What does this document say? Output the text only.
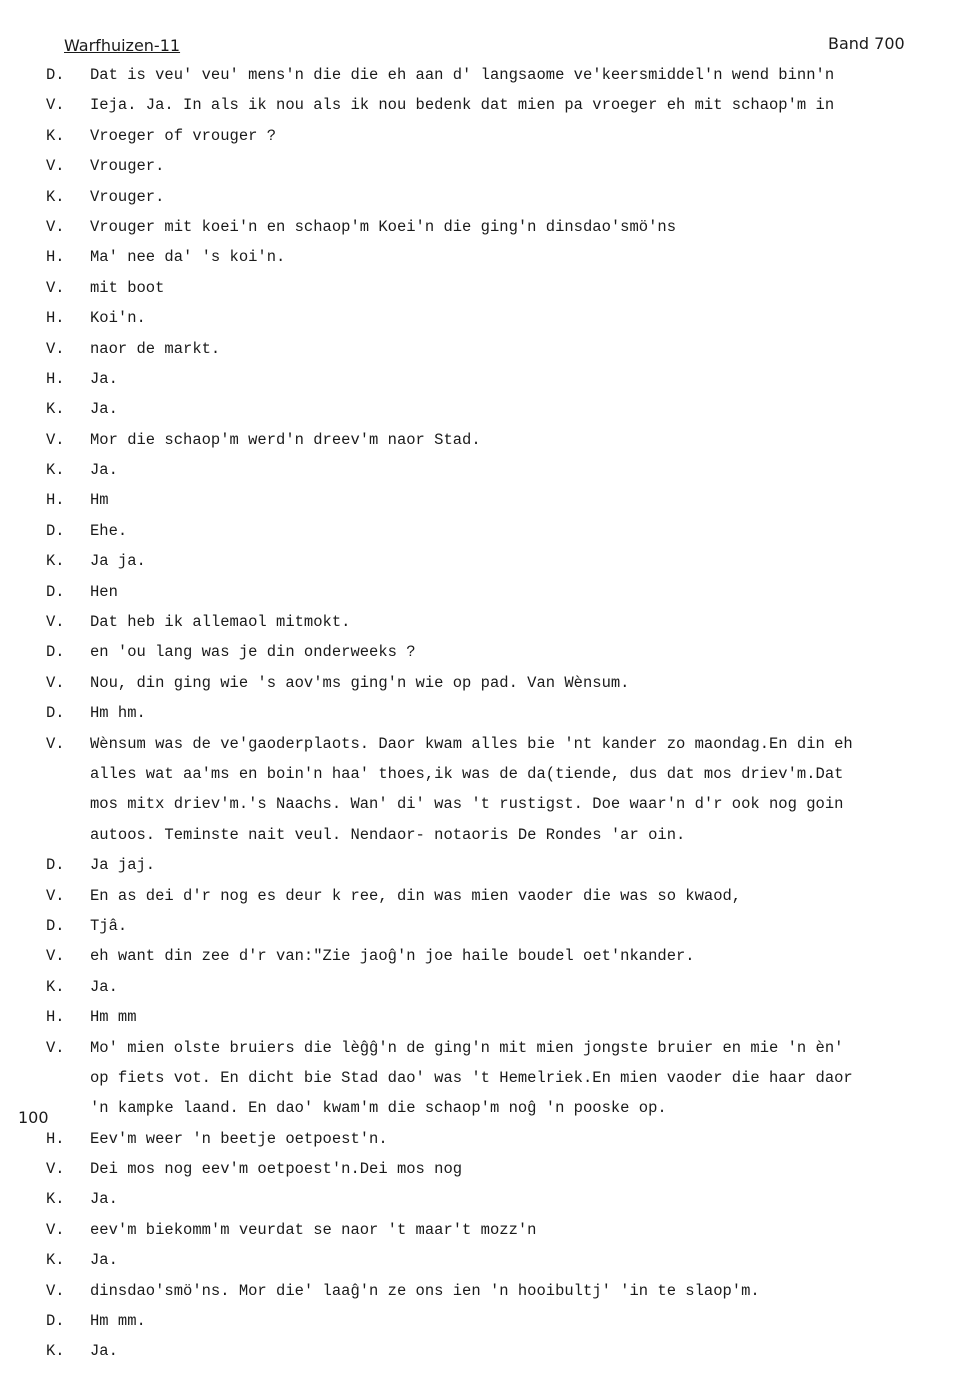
Warfhuizen-11	Band 700
100
D. Dat is veu' veu' mens'n die die eh aan d' langsaome ve'keersmiddel'n wend binn'n
V. Ieja. Ja. In als ik nou als ik nou bedenk dat mien pa vroeger eh mit schaop'm in
K. Vroeger of vrouger ?
V. Vrouger.
K. Vrouger.
V. Vrouger mit koei'n en schaop'm Koei'n die ging'n dinsdao'smö'ns
H. Ma' nee da' 's koi'n.
V. mit boot
H. Koi'n.
V. naor de markt.
H. Ja.
K. Ja.
V. Mor die schaop'm werd'n dreev'm naor Stad.
K. Ja.
H. Hm
D. Ehe.
K. Ja ja.
D. Hen
V. Dat heb ik allemaol mitmokt.
D. en 'ou lang was je din onderweeks ?
V. Nou, din ging wie 's aov'ms ging'n wie op pad. Van Wènsum.
D. Hm hm.
V. Wènsum was de ve'gaoderplaots. Daor kwam alles bie 'nt kander zo maondag.En din eh
alles wat aa'ms en boin'n haa' thoes,ik was de da(tiende, dus dat mos driev'm.Dat
mos mitx driev'm.'s Naachs. Wan' di' was 't rustigst. Doe waar'n d'r ook nog goin
autoos. Teminste nait veul. Nendaor- notaoris De Rondes 'ar oin.
D. Ja jaj.
V. En as dei d'r nog es deur k ree, din was mien vaoder die was so kwaod,
D. Tjâ.
V. eh want din zee d'r van:"Zie jaoĝ'n joe haile boudel oet'nkander.
K. Ja.
H. Hm mm
V. Mo' mien olste bruiers die lèĝĝ'n de ging'n mit mien jongste bruier en mie 'n èn'
op fiets vot. En dicht bie Stad dao' was 't Hemelriek.En mien vaoder die haar daor
'n kampke laand. En dao' kwam'm die schaop'm noĝ 'n pooske op.
H. Eev'm weer 'n beetje oetpoest'n.
V. Dei mos nog eev'm oetpoest'n.Dei mos nog
K. Ja.
V. eev'm biekomm'm veurdat se naor 't maar't mozz'n
K. Ja.
V. dinsdao'smö'ns. Mor die' laaĝ'n ze ons ien 'n hooibultj' 'in te slaop'm.
D. Hm mm.
K. Ja.
